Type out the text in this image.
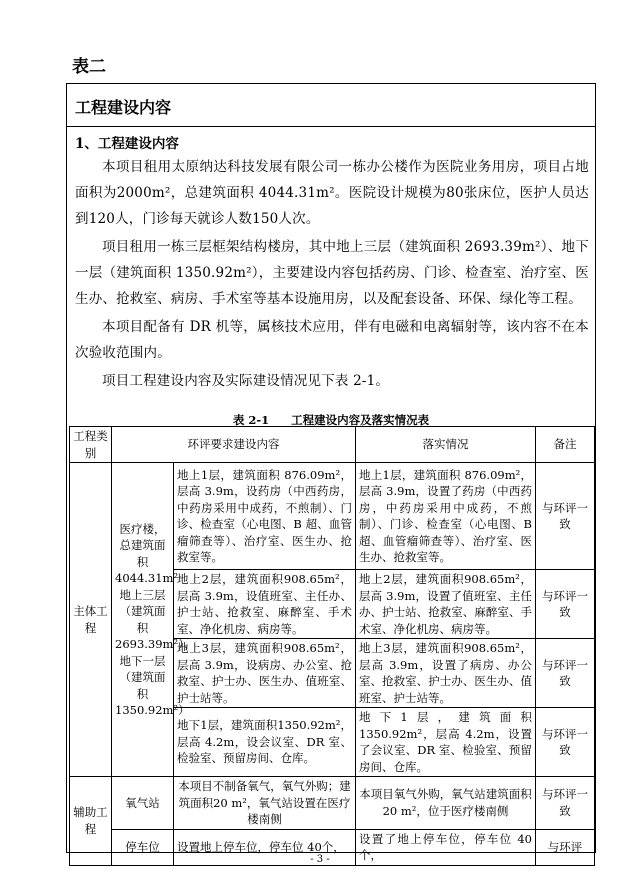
表二
工程建设内容
1、工程建设内容

本项目租用太原纳达科技发展有限公司一栋办公楼作为医院业务用房，项目占地面积为2000m²，总建筑面积 4044.31m²。医院设计规模为80张床位，医护人员达到120人，门诊每天就诊人数150人次。

项目租用一栋三层框架结构楼房，其中地上三层（建筑面积 2693.39m²）、地下一层（建筑面积 1350.92m²），主要建设内容包括药房、门诊、检查室、治疗室、医生办、抢救室、病房、手术室等基本设施用房，以及配套设备、环保、绿化等工程。

本项目配备有 DR 机等，属核技术应用，伴有电磁和电离辐射等，该内容不在本次验收范围内。

项目工程建设内容及实际建设情况见下表 2-1。

表 2-1 工程建设内容及落实情况表
工程类别	环评要求建设内容		落实情况	备注
主体工程	医疗楼，总建筑面积4044.31m²地上三层（建筑面积2693.39m²）、地下一层（建筑面积1350.92m²）	地上1层，建筑面积 876.09m²，层高 3.9m，设药房（中西药房，中药房采用中成药，不煎制）、门诊、检查室（心电图、B 超、血管瘤筛查等）、治疗室、医生办、抢救室等。	地上1层，建筑面积 876.09m²，层高 3.9m，设置了药房（中西药房，中药房采用中成药，不煎制）、门诊、检查室（心电图、B 超、血管瘤筛查等）、治疗室、医生办、抢救室等。	与环评一致
		地上2层，建筑面积908.65m²，层高 3.9m，设值班室、主任办、护士站、抢救室、麻醉室、手术室、净化机房、病房等。	地上2层，建筑面积908.65m²，层高 3.9m，设置了值班室、主任办、护士站、抢救室、麻醉室、手术室、净化机房、病房等。	与环评一致
		地上3层，建筑面积908.65m²，层高 3.9m，设病房、办公室、抢救室、护士办、医生办、值班室、护士站等。	地上3层，建筑面积908.65m²，层高 3.9m，设置了病房、办公室、抢救室、护士办、医生办、值班室、护士站等。	与环评一致
		地下1层，建筑面积1350.92m²，层高 4.2m，设会议室、DR 室、检验室、预留房间、仓库。	地下1层，建筑面积1350.92m²，层高 4.2m，设置了会议室、DR 室、检验室、预留房间、仓库。	与环评一致
辅助工程	氧气站	本项目不制备氧气，氧气外购；建筑面积20 m²，氧气站设置在医疗楼南侧	本项目氧气外购，氧气站建筑面积20 m²，位于医疗楼南侧	与环评一致
	停车位	设置地上停车位，停车位 40个，	设置了地上停车位，停车位 40个，	与环评
- 3 -
